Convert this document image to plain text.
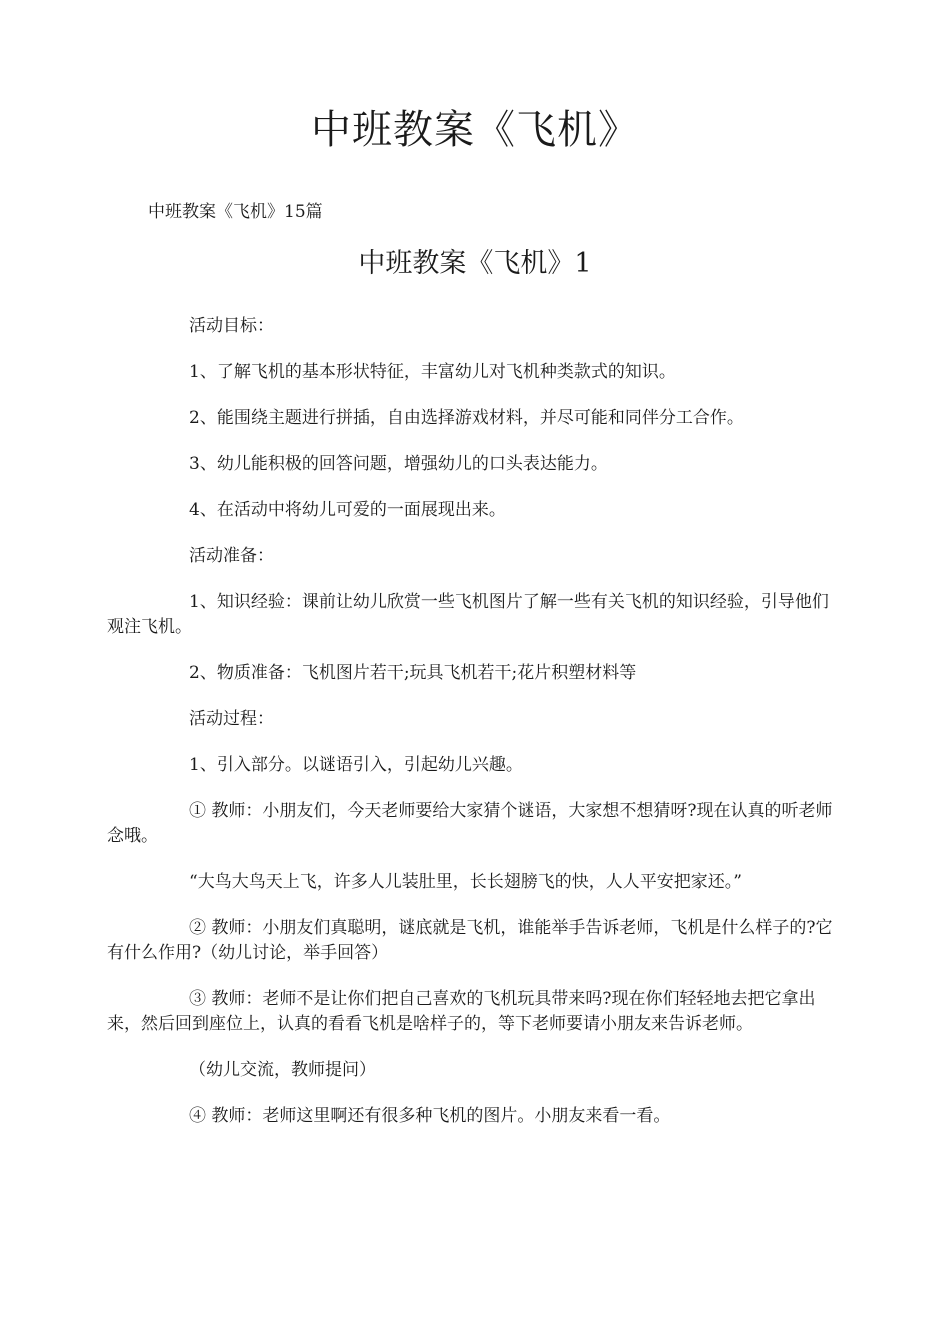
中班教案《飞机》
中班教案《飞机》15篇
中班教案《飞机》1

活动目标：

1、了解飞机的基本形状特征，丰富幼儿对飞机种类款式的知识。

2、能围绕主题进行拼插，自由选择游戏材料，并尽可能和同伴分工合作。

3、幼儿能积极的回答问题，增强幼儿的口头表达能力。

4、在活动中将幼儿可爱的一面展现出来。

活动准备：

1、知识经验：课前让幼儿欣赏一些飞机图片了解一些有关飞机的知识经验，引导他们观注飞机。

2、物质准备：飞机图片若干;玩具飞机若干;花片积塑材料等

活动过程：

1、引入部分。以谜语引入，引起幼儿兴趣。

① 教师：小朋友们，今天老师要给大家猜个谜语，大家想不想猜呀?现在认真的听老师念哦。

“大鸟大鸟天上飞，许多人儿装肚里，长长翅膀飞的快，人人平安把家还。”

② 教师：小朋友们真聪明，谜底就是飞机，谁能举手告诉老师，飞机是什么样子的?它有什么作用?（幼儿讨论，举手回答）

③ 教师：老师不是让你们把自己喜欢的飞机玩具带来吗?现在你们轻轻地去把它拿出来，然后回到座位上，认真的看看飞机是啥样子的，等下老师要请小朋友来告诉老师。

（幼儿交流，教师提问）

④ 教师：老师这里啊还有很多种飞机的图片。小朋友来看一看。
